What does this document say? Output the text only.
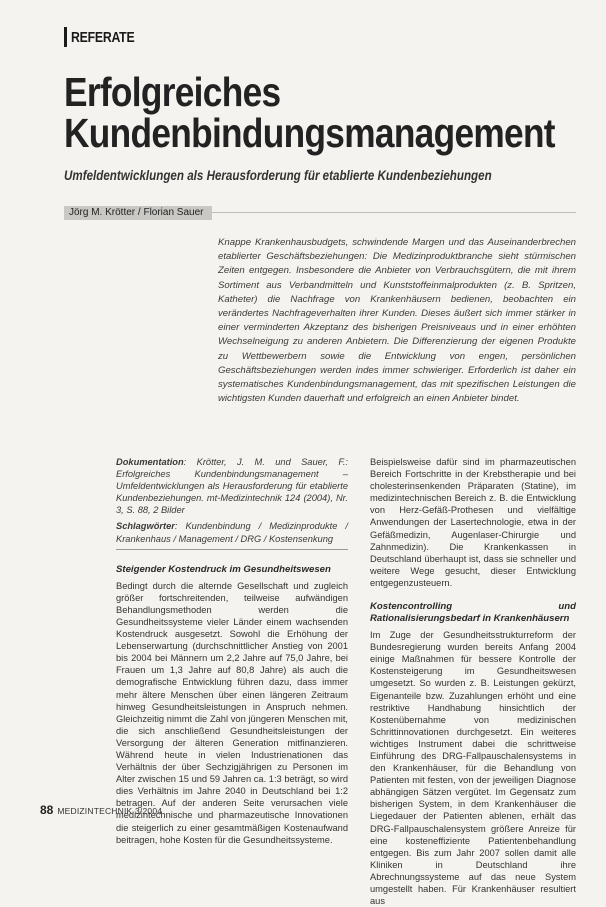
REFERATE
Erfolgreiches
Kundenbindungsmanagement
Umfeldentwicklungen als Herausforderung für etablierte Kundenbeziehungen
Jörg M. Krötter / Florian Sauer
Knappe Krankenhausbudgets, schwindende Margen und das Auseinanderbrechen etablierter Geschäftsbeziehungen: Die Medizinproduktbranche sieht stürmischen Zeiten entgegen. Insbesondere die Anbieter von Verbrauchsgütern, die mit ihrem Sortiment aus Verbandmitteln und Kunststoffeinmalprodukten (z. B. Spritzen, Katheter) die Nachfrage von Krankenhäusern bedienen, beobachten ein verändertes Nachfrageverhalten ihrer Kunden. Dieses äußert sich immer stärker in einer verminderten Akzeptanz des bisherigen Preisniveaus und in einer erhöhten Wechselneigung zu anderen Anbietern. Die Differenzierung der eigenen Produkte zu Wettbewerbern sowie die Entwicklung von engen, persönlichen Geschäftsbeziehungen werden indes immer schwieriger. Erforderlich ist daher ein systematisches Kundenbindungsmanagement, das mit spezifischen Leistungen die wichtigsten Kunden dauerhaft und erfolgreich an einen Anbieter bindet.

Dokumentation: Krötter, J. M. und Sauer, F.: Erfolgreiches Kundenbindungsmanagement – Umfeldentwicklungen als Herausforderung für etablierte Kundenbeziehungen. mt-Medizintechnik 124 (2004), Nr. 3, S. 88, 2 Bilder

Schlagwörter: Kundenbindung / Medizinprodukte / Krankenhaus / Management / DRG / Kostensenkung

Steigender Kostendruck im Gesundheitswesen

Bedingt durch die alternde Gesellschaft und zugleich größer fortschreitenden, teilweise aufwändigen Behandlungsmethoden werden die Gesundheitssysteme vieler Länder einem wachsenden Kostendruck ausgesetzt. Sowohl die Erhöhung der Lebenserwartung (durchschnittlicher Anstieg von 2001 bis 2004 bei Männern um 2,2 Jahre auf 75,0 Jahre, bei Frauen um 1,3 Jahre auf 80,8 Jahre) als auch die demografische Entwicklung führen dazu, dass immer mehr ältere Menschen über einen längeren Zeitraum hinweg Gesundheitsleistungen in Anspruch nehmen. Gleichzeitig nimmt die Zahl von jüngeren Menschen mit, die sich anschließend Gesundheitsleistungen der Versorgung der älteren Generation mitfinanzieren. Während heute in vielen Industrienationen das Verhältnis der über Sechzigjährigen zu Personen im Alter zwischen 15 und 59 Jahren ca. 1:3 beträgt, so wird dies Verhältnis im Jahre 2040 in Deutschland bei 1:2 betragen. Auf der anderen Seite verursachen viele medizintechnische und pharmazeutische Innovationen die steigerlich zu einer gesamtmäßigen Kostenaufwand beitragen, hohe Kosten für die Gesundheitssysteme.

Beispielsweise dafür sind im pharmazeutischen Bereich Fortschritte in der Krebstherapie und bei cholesterinsenkenden Präparaten (Statine), im medizintechnischen Bereich z. B. die Entwicklung von Herz-Gefäß-Prothesen und vielfältige Anwendungen der Lasertechnologie, etwa in der Gefäßmedizin, Augenlaser-Chirurgie und Zahnmedizin). Die Krankenkassen in Deutschland überhaupt ist, dass sie schneller und weitere Wege gesucht, dieser Entwicklung entgegenzusteuern.

Kostencontrolling und Rationalisierungsbedarf in Krankenhäusern

Im Zuge der Gesundheitsstrukturreform der Bundesregierung wurden bereits Anfang 2004 einige Maßnahmen für bessere Kontrolle der Kostensteigerung im Gesundheitswesen umgesetzt. So wurden z. B. Leistungen gekürzt, Eigenanteile bzw. Zuzahlungen erhöht und eine restriktive Handhabung hinsichtlich der Kostenübernahme von medizinischen Schrittinnovationen durchgesetzt. Ein weiteres wichtiges Instrument dabei die schrittweise Einführung des DRG-Fallpauschalensystems in den Krankenhäuser, für die Behandlung von Patienten mit festen, von der jeweiligen Diagnose abhängigen Sätzen vergütet. Im Gegensatz zum bisherigen System, in dem Krankenhäuser die Liegedauer der Patienten ablenen, erhält das DRG-Fallpauschalensystem größere Anreize für eine kosteneffiziente Patientenbehandlung entgegen. Bis zum Jahr 2007 sollen damit alle Kliniken in Deutschland ihre Abrechnungssysteme auf das neue System umgestellt haben. Für Krankenhäuser resultiert aus

88 MEDIZINTECHNIK 3/2004
